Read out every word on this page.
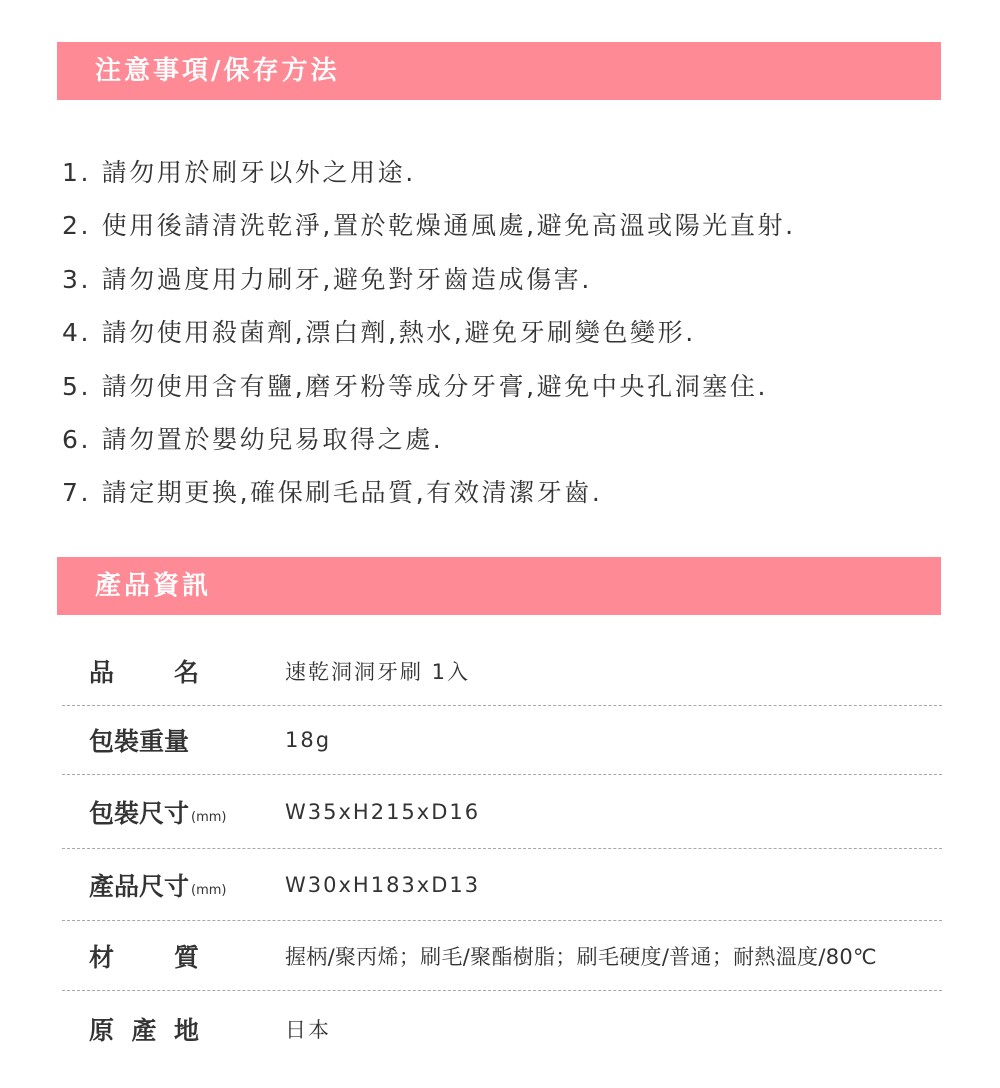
注意事項/保存方法
1. 請勿用於刷牙以外之用途.
2. 使用後請清洗乾淨,置於乾燥通風處,避免高溫或陽光直射.
3. 請勿過度用力刷牙,避免對牙齒造成傷害.
4. 請勿使用殺菌劑,漂白劑,熱水,避免牙刷變色變形.
5. 請勿使用含有鹽,磨牙粉等成分牙膏,避免中央孔洞塞住.
6. 請勿置於嬰幼兒易取得之處.
7. 請定期更換,確保刷毛品質,有效清潔牙齒.
產品資訊
品 名	速乾洞洞牙刷 1入
包裝重量	18g
包裝尺寸 (mm)	W35xH215xD16
產品尺寸 (mm)	W30xH183xD13
材 質	握柄/聚丙烯；刷毛/聚酯樹脂；刷毛硬度/普通；耐熱溫度/80℃
原 產 地	日本
